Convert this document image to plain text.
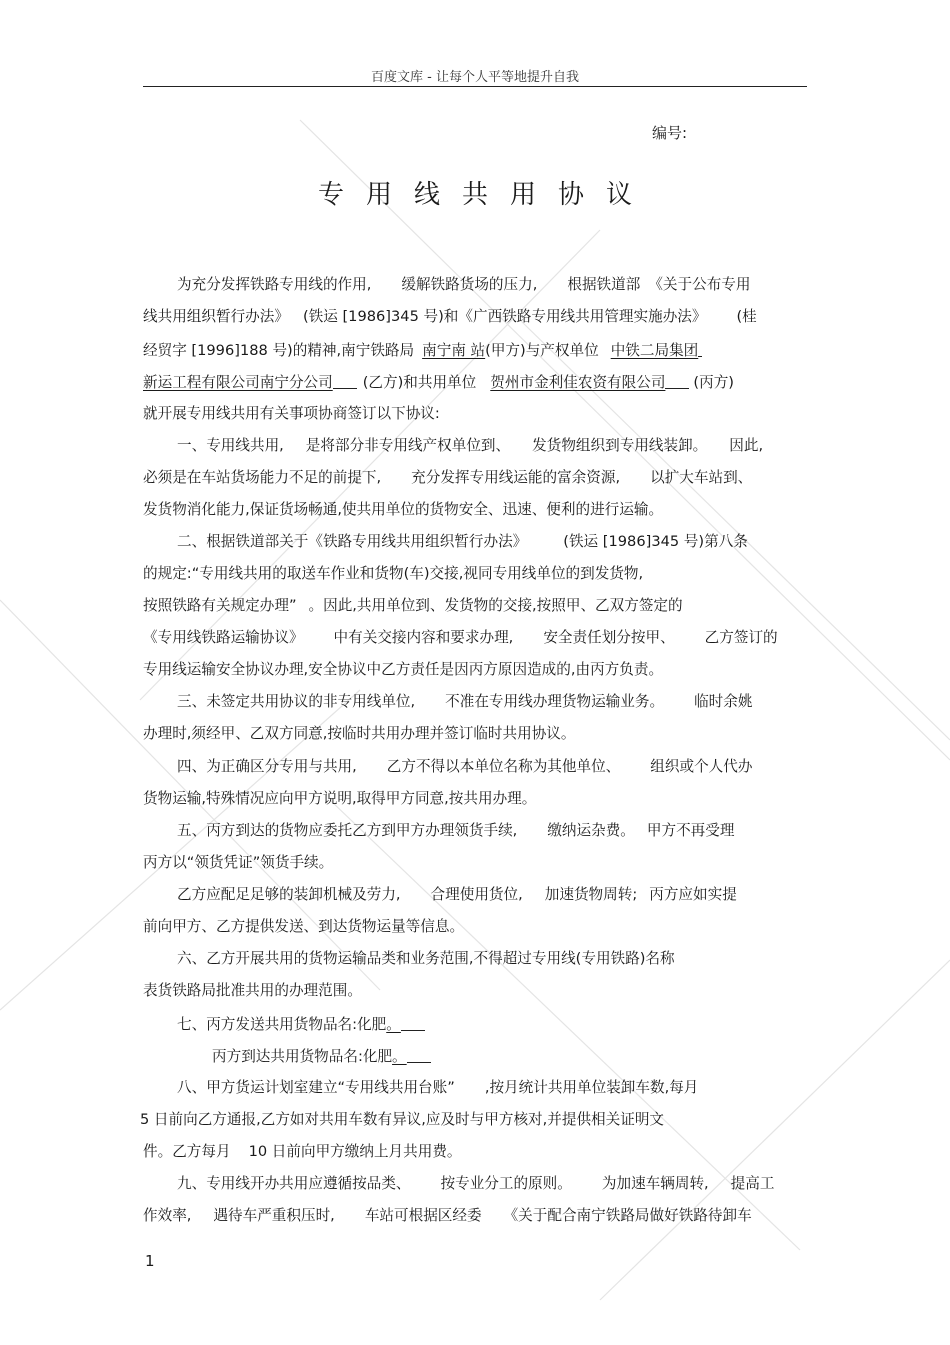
百度文库 - 让每个人平等地提升自我
编号:
专用线共用协议
为充分发挥铁路专用线的作用, 缓解铁路货场的压力, 根据铁道部 《关于公布专用
线共用组织暂行办法》 (铁运 [1986]345 号)和《广西铁路专用线共用管理实施办法》 (桂
经贸字 [1996]188 号)的精神,南宁铁路局 南宁南 站(甲方)与产权单位 中铁二局集团
新运工程有限公司南宁分公司 (乙方)和共用单位 贺州市金利佳农资有限公司 (丙方)
就开展专用线共用有关事项协商签订以下协议:
一、专用线共用, 是将部分非专用线产权单位到、 发货物组织到专用线装卸。 因此,
必须是在车站货场能力不足的前提下, 充分发挥专用线运能的富余资源, 以扩大车站到、
发货物消化能力,保证货场畅通,使共用单位的货物安全、迅速、便利的进行运输。
二、根据铁道部关于《铁路专用线共用组织暂行办法》 (铁运 [1986]345 号)第八条
的规定:“专用线共用的取送车作业和货物(车)交接,视同专用线单位的到发货物,
按照铁路有关规定办理” 。因此,共用单位到、发货物的交接,按照甲、乙双方签定的
《专用线铁路运输协议》 中有关交接内容和要求办理, 安全责任划分按甲、 乙方签订的
专用线运输安全协议办理,安全协议中乙方责任是因丙方原因造成的,由丙方负责。
三、未签定共用协议的非专用线单位, 不准在专用线办理货物运输业务。 临时余姚
办理时,须经甲、乙双方同意,按临时共用办理并签订临时共用协议。
四、为正确区分专用与共用, 乙方不得以本单位名称为其他单位、 组织或个人代办
货物运输,特殊情况应向甲方说明,取得甲方同意,按共用办理。
五、丙方到达的货物应委托乙方到甲方办理领货手续, 缴纳运杂费。 甲方不再受理
丙方以“领货凭证”领货手续。
乙方应配足足够的装卸机械及劳力, 合理使用货位, 加速货物周转; 丙方应如实提
前向甲方、乙方提供发送、到达货物运量等信息。
六、乙方开展共用的货物运输品类和业务范围,不得超过专用线(专用铁路)名称
表货铁路局批准共用的办理范围。
七、丙方发送共用货物品名:化肥。
丙方到达共用货物品名:化肥。
八、甲方货运计划室建立“专用线共用台账” ,按月统计共用单位装卸车数,每月
5 日前向乙方通报,乙方如对共用车数有异议,应及时与甲方核对,并提供相关证明文
件。乙方每月 10 日前向甲方缴纳上月共用费。
九、专用线开办共用应遵循按品类、 按专业分工的原则。 为加速车辆周转, 提高工
作效率, 遇待车严重积压时, 车站可根据区经委 《关于配合南宁铁路局做好铁路待卸车
1
